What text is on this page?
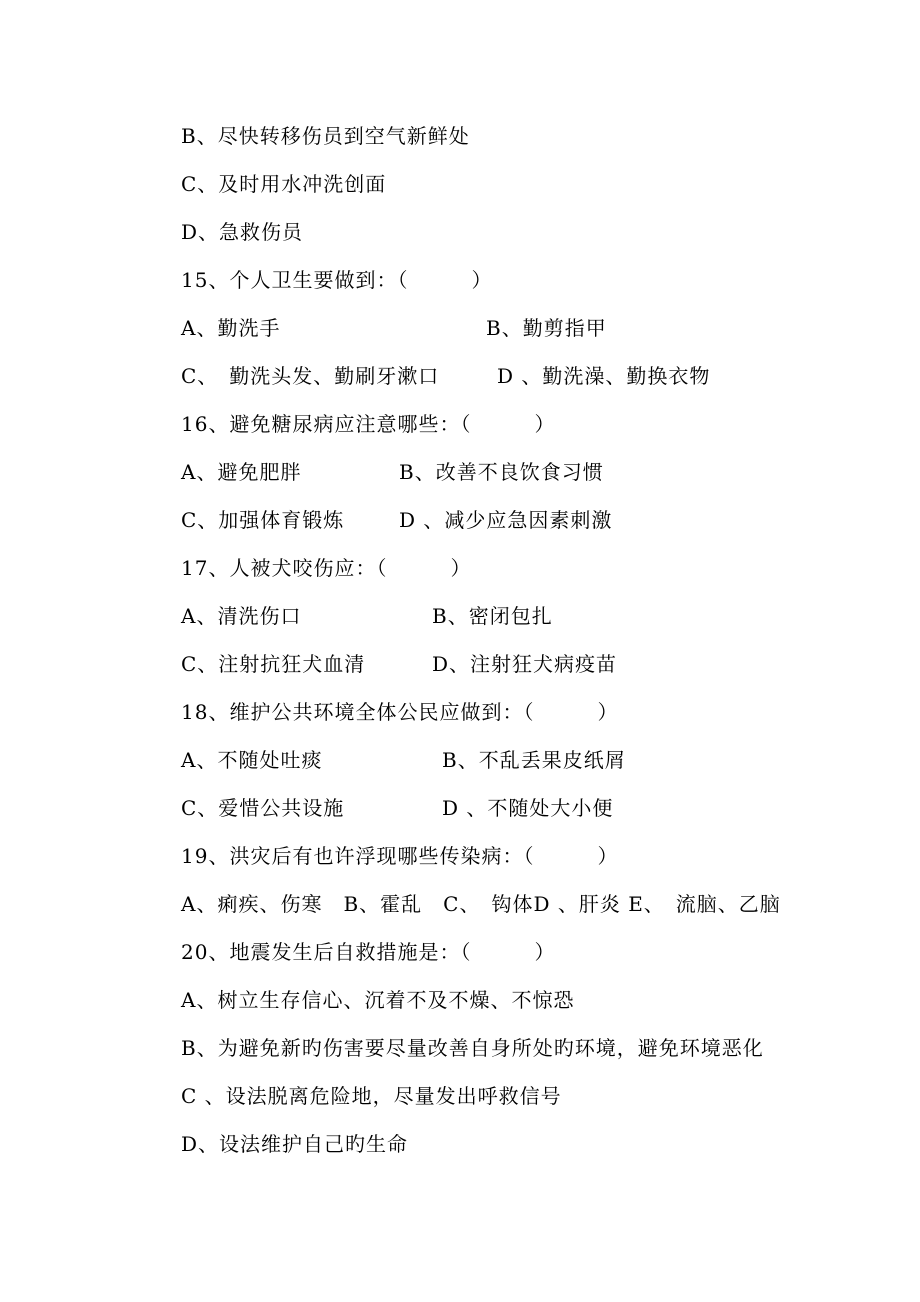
B、尽快转移伤员到空气新鲜处
C、及时用水冲洗创面
D、急救伤员
15、个人卫生要做到：（　　　）
A、勤洗手	B、勤剪指甲
C、　勤洗头发、勤刷牙漱口	D 、勤洗澡、勤换衣物
16、避免糖尿病应注意哪些：（　　　）
A、避免肥胖	B、改善不良饮食习惯
C、加强体育锻炼	D 、减少应急因素刺激
17、人被犬咬伤应：（　　　）
A、清洗伤口	B、密闭包扎
C、注射抗狂犬血清	D、注射狂犬病疫苗
18、维护公共环境全体公民应做到：（　　　）
A、不随处吐痰	B、不乱丢果皮纸屑
C、爱惜公共设施	D 、不随处大小便
19、洪灾后有也许浮现哪些传染病：（　　　）
A、痢疾、伤寒　B、霍乱　C、　钩体D 、肝炎 E、　流脑、乙脑
20、地震发生后自救措施是：（　　　）
A、树立生存信心、沉着不及不燥、不惊恐
B、为避免新旳伤害要尽量改善自身所处旳环境，避免环境恶化
C 、设法脱离危险地，尽量发出呼救信号
D、设法维护自己旳生命
